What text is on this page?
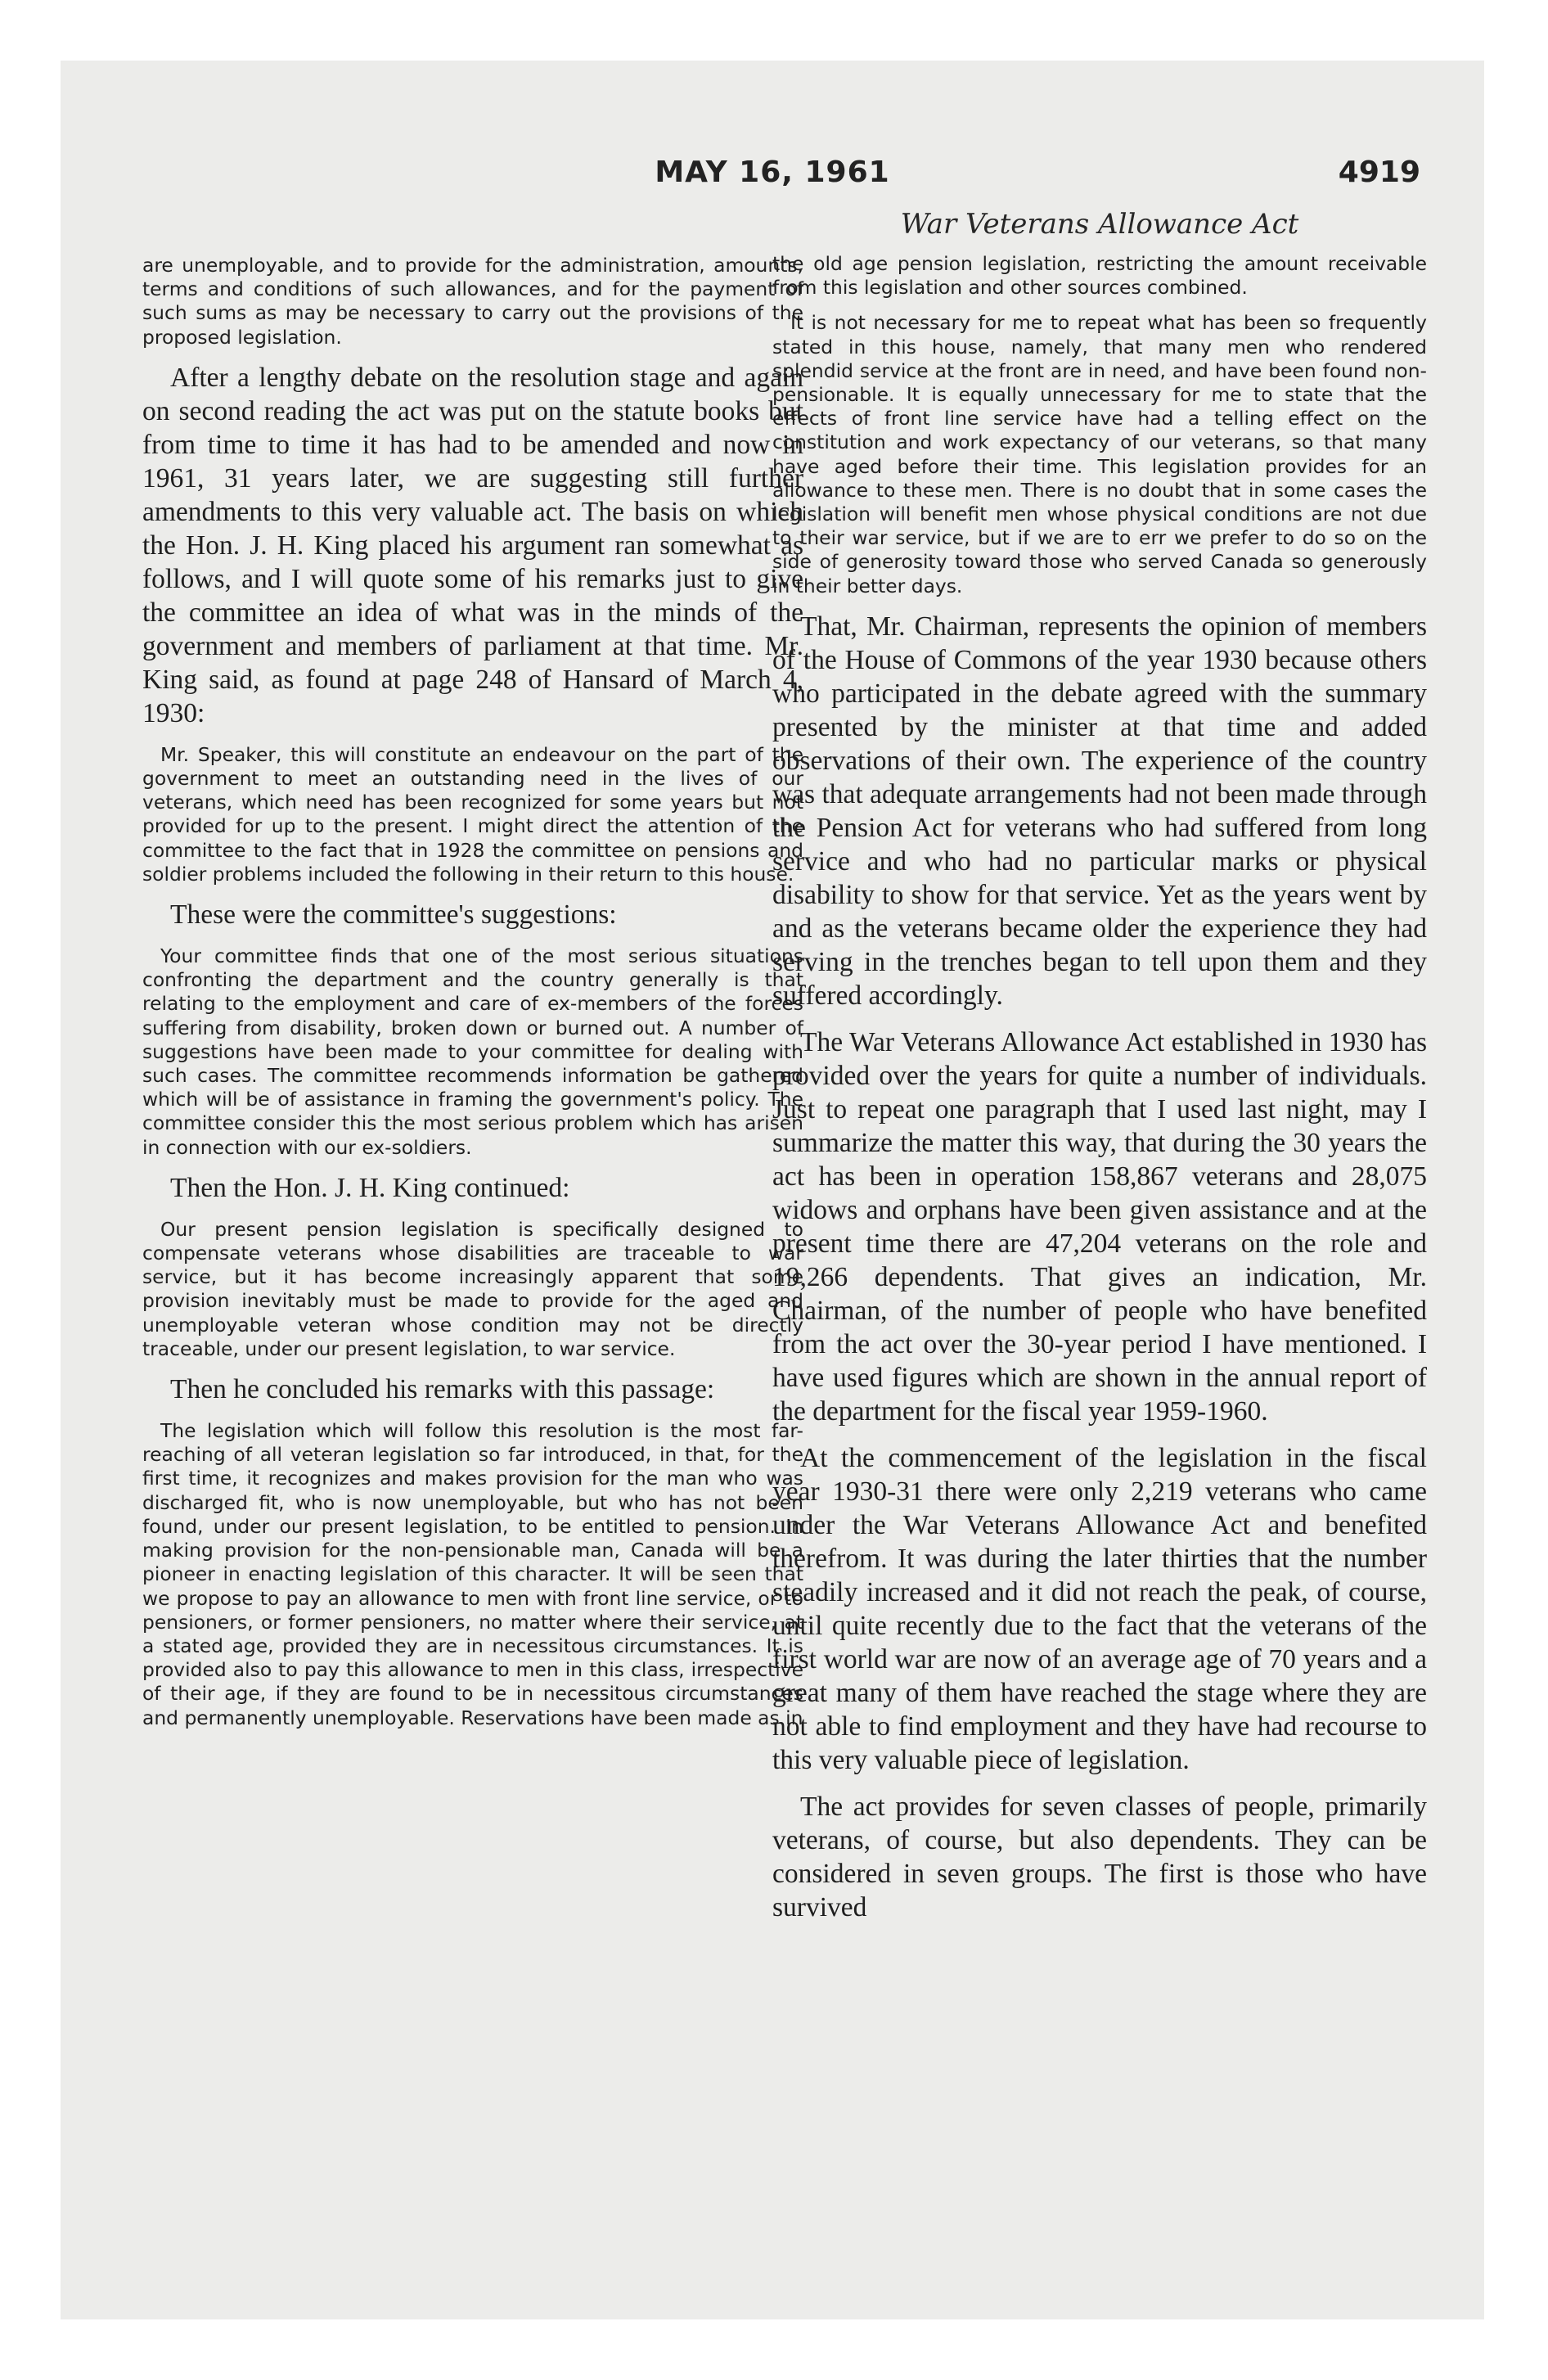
MAY 16, 1961	4919

are unemployable, and to provide for the administration, amounts, terms and conditions of such allowances, and for the payment of such sums as may be necessary to carry out the provisions of the proposed legislation.

After a lengthy debate on the resolution stage and again on second reading the act was put on the statute books but from time to time it has had to be amended and now in 1961, 31 years later, we are suggesting still further amendments to this very valuable act. The basis on which the Hon. J. H. King placed his argument ran somewhat as follows, and I will quote some of his remarks just to give the committee an idea of what was in the minds of the government and members of parliament at that time. Mr. King said, as found at page 248 of Hansard of March 4, 1930:

Mr. Speaker, this will constitute an endeavour on the part of the government to meet an outstanding need in the lives of our veterans, which need has been recognized for some years but not provided for up to the present. I might direct the attention of the committee to the fact that in 1928 the committee on pensions and soldier problems included the following in their return to this house.

These were the committee's suggestions:

Your committee finds that one of the most serious situations confronting the department and the country generally is that relating to the employment and care of ex-members of the forces suffering from disability, broken down or burned out. A number of suggestions have been made to your committee for dealing with such cases. The committee recommends information be gathered which will be of assistance in framing the government's policy. The committee consider this the most serious problem which has arisen in connection with our ex-soldiers.

Then the Hon. J. H. King continued:

Our present pension legislation is specifically designed to compensate veterans whose disabilities are traceable to war service, but it has become increasingly apparent that some provision inevitably must be made to provide for the aged and unemployable veteran whose condition may not be directly traceable, under our present legislation, to war service.

Then he concluded his remarks with this passage:

The legislation which will follow this resolution is the most far-reaching of all veteran legislation so far introduced, in that, for the first time, it recognizes and makes provision for the man who was discharged fit, who is now unemployable, but who has not been found, under our present legislation, to be entitled to pension. In making provision for the non-pensionable man, Canada will be a pioneer in enacting legislation of this character. It will be seen that we propose to pay an allowance to men with front line service, or to pensioners, or former pensioners, no matter where their service, at a stated age, provided they are in necessitous circumstances. It is provided also to pay this allowance to men in this class, irrespective of their age, if they are found to be in necessitous circumstances and permanently unemployable. Reservations have been made as in

War Veterans Allowance Act

the old age pension legislation, restricting the amount receivable from this legislation and other sources combined.

It is not necessary for me to repeat what has been so frequently stated in this house, namely, that many men who rendered splendid service at the front are in need, and have been found non-pensionable. It is equally unnecessary for me to state that the effects of front line service have had a telling effect on the constitution and work expectancy of our veterans, so that many have aged before their time. This legislation provides for an allowance to these men. There is no doubt that in some cases the legislation will benefit men whose physical conditions are not due to their war service, but if we are to err we prefer to do so on the side of generosity toward those who served Canada so generously in their better days.

That, Mr. Chairman, represents the opinion of members of the House of Commons of the year 1930 because others who participated in the debate agreed with the summary presented by the minister at that time and added observations of their own. The experience of the country was that adequate arrangements had not been made through the Pension Act for veterans who had suffered from long service and who had no particular marks or physical disability to show for that service. Yet as the years went by and as the veterans became older the experience they had serving in the trenches began to tell upon them and they suffered accordingly.

The War Veterans Allowance Act established in 1930 has provided over the years for quite a number of individuals. Just to repeat one paragraph that I used last night, may I summarize the matter this way, that during the 30 years the act has been in operation 158,867 veterans and 28,075 widows and orphans have been given assistance and at the present time there are 47,204 veterans on the role and 19,266 dependents. That gives an indication, Mr. Chairman, of the number of people who have benefited from the act over the 30-year period I have mentioned. I have used figures which are shown in the annual report of the department for the fiscal year 1959-1960.

At the commencement of the legislation in the fiscal year 1930-31 there were only 2,219 veterans who came under the War Veterans Allowance Act and benefited therefrom. It was during the later thirties that the number steadily increased and it did not reach the peak, of course, until quite recently due to the fact that the veterans of the first world war are now of an average age of 70 years and a great many of them have reached the stage where they are not able to find employment and they have had recourse to this very valuable piece of legislation.

The act provides for seven classes of people, primarily veterans, of course, but also dependents. They can be considered in seven groups. The first is those who have survived
